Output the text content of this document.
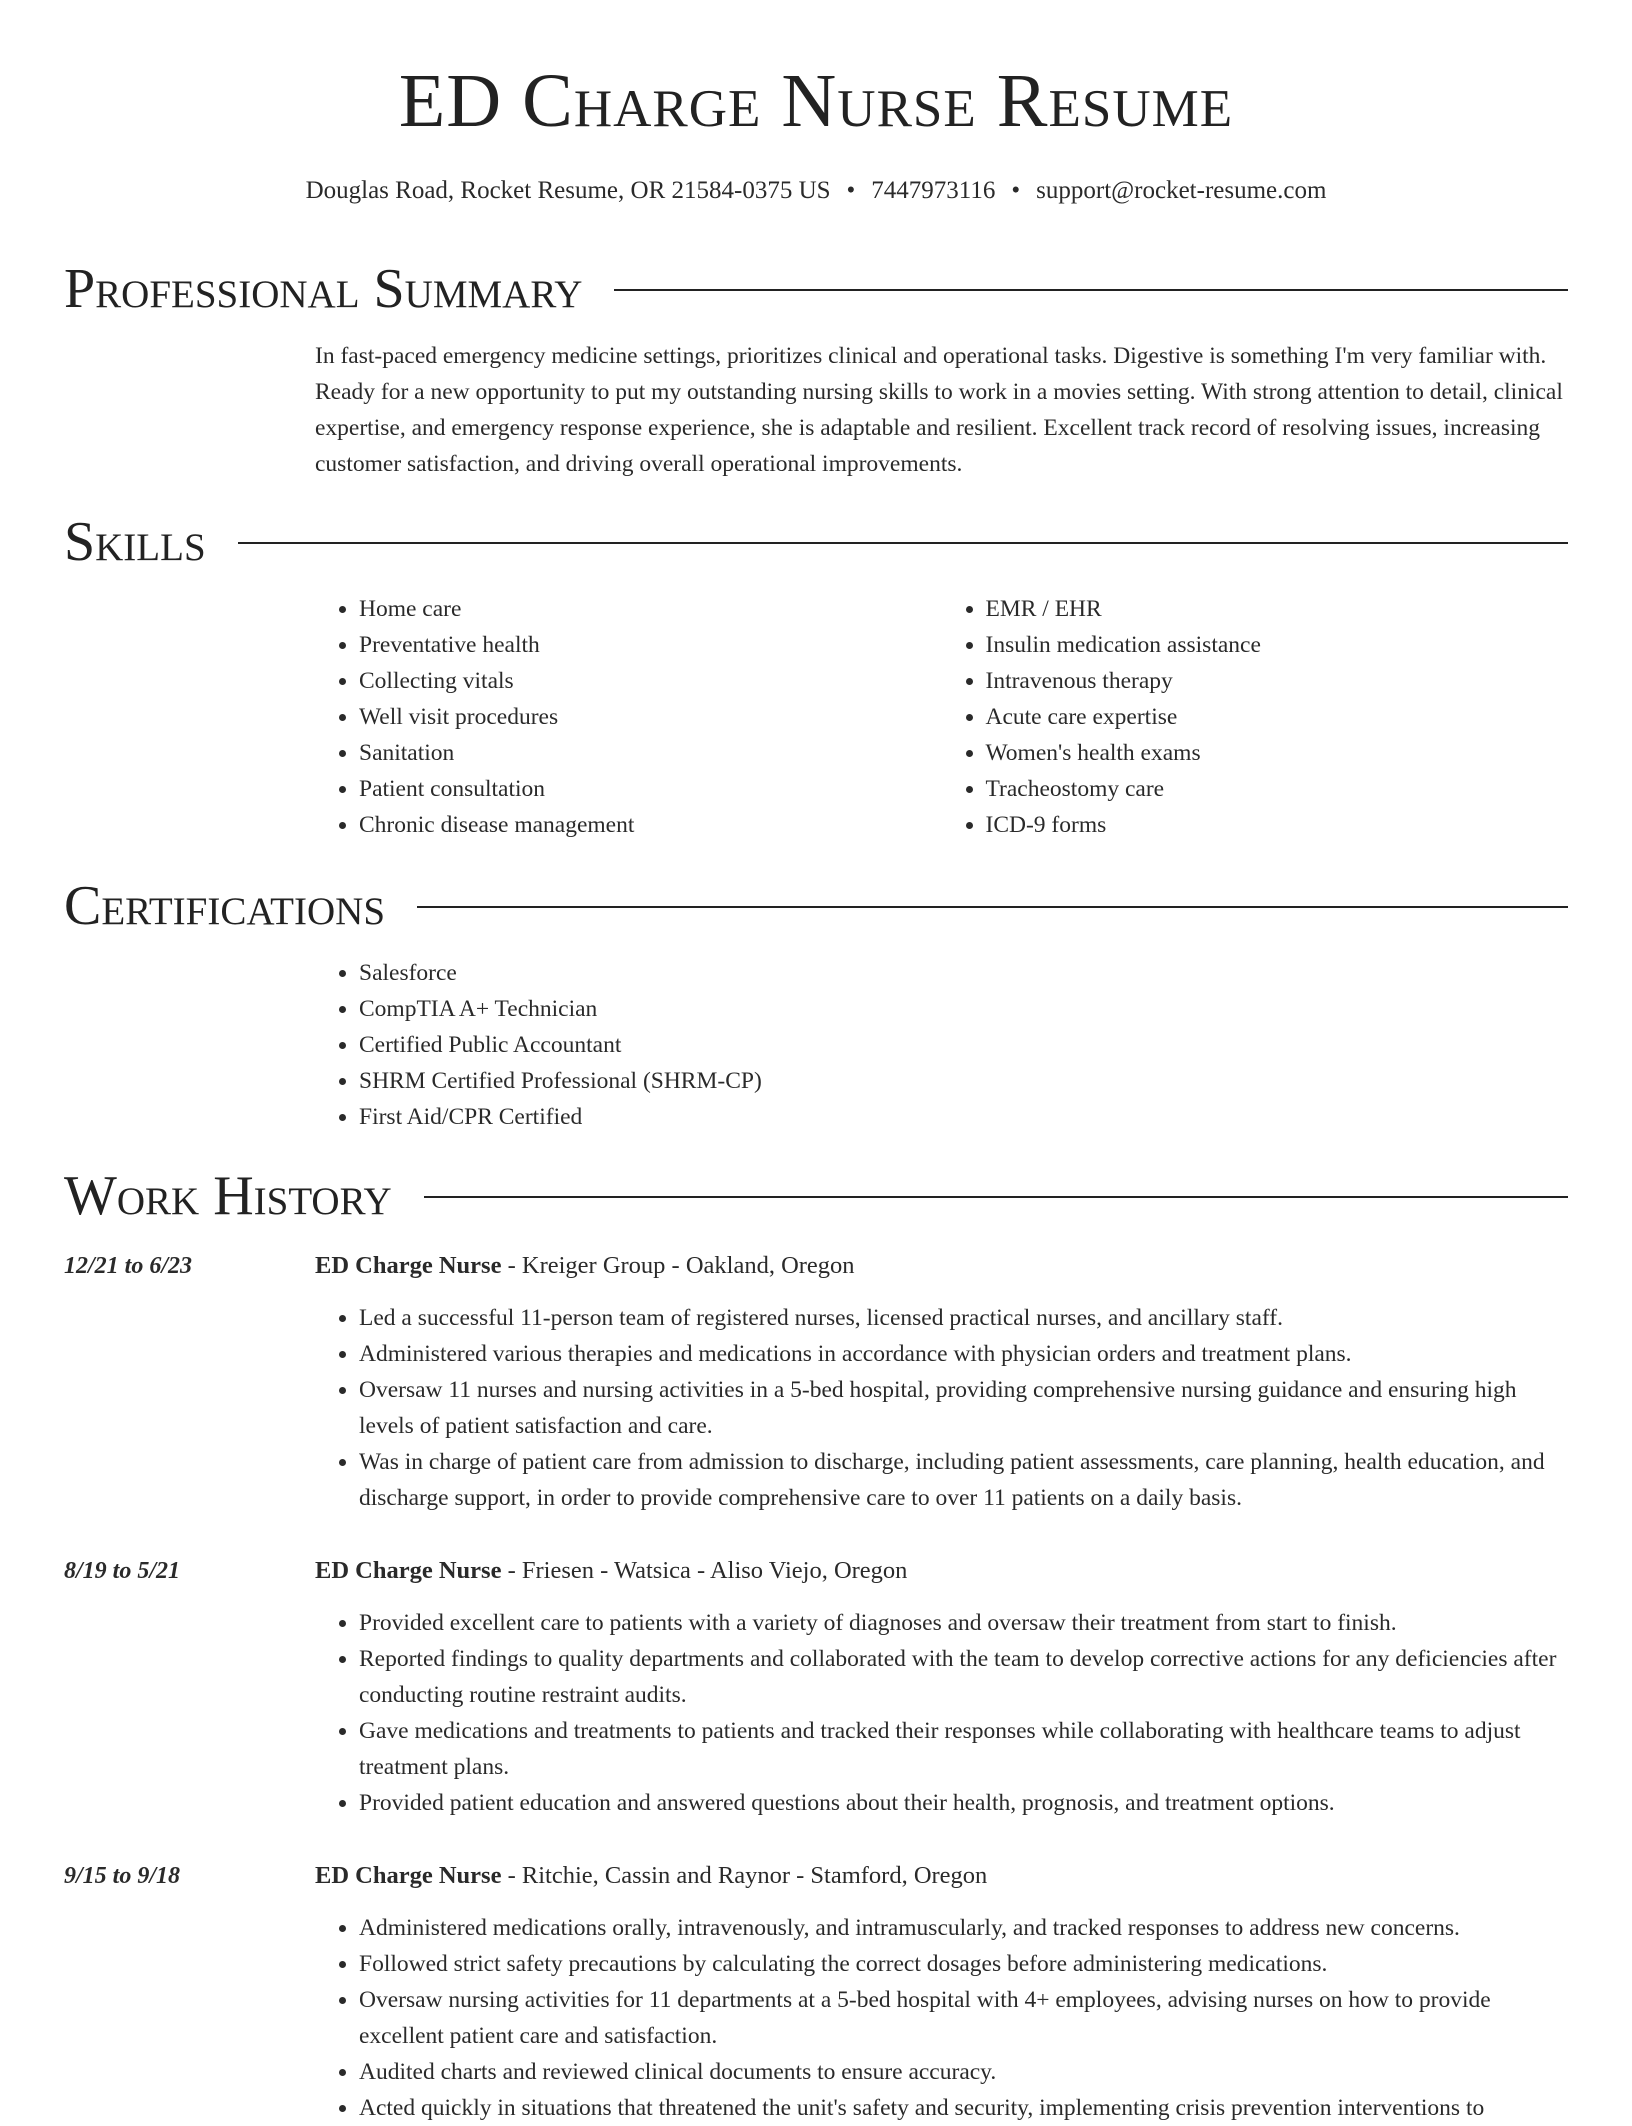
ED Charge Nurse Resume
Douglas Road, Rocket Resume, OR 21584-0375 US • 7447973116 • support@rocket-resume.com
Professional Summary

In fast-paced emergency medicine settings, prioritizes clinical and operational tasks. Digestive is something I'm very familiar with. Ready for a new opportunity to put my outstanding nursing skills to work in a movies setting. With strong attention to detail, clinical expertise, and emergency response experience, she is adaptable and resilient. Excellent track record of resolving issues, increasing customer satisfaction, and driving overall operational improvements.

Skills
• Home care
• Preventative health
• Collecting vitals
• Well visit procedures
• Sanitation
• Patient consultation
• Chronic disease management
• EMR / EHR
• Insulin medication assistance
• Intravenous therapy
• Acute care expertise
• Women's health exams
• Tracheostomy care
• ICD-9 forms
Certifications
• Salesforce
• CompTIA A+ Technician
• Certified Public Accountant
• SHRM Certified Professional (SHRM-CP)
• First Aid/CPR Certified
Work History
12/21 to 6/23	ED Charge Nurse - Kreiger Group - Oakland, Oregon
• Led a successful 11-person team of registered nurses, licensed practical nurses, and ancillary staff.
• Administered various therapies and medications in accordance with physician orders and treatment plans.
• Oversaw 11 nurses and nursing activities in a 5-bed hospital, providing comprehensive nursing guidance and ensuring high levels of patient satisfaction and care.
• Was in charge of patient care from admission to discharge, including patient assessments, care planning, health education, and discharge support, in order to provide comprehensive care to over 11 patients on a daily basis.
8/19 to 5/21	ED Charge Nurse - Friesen - Watsica - Aliso Viejo, Oregon
• Provided excellent care to patients with a variety of diagnoses and oversaw their treatment from start to finish.
• Reported findings to quality departments and collaborated with the team to develop corrective actions for any deficiencies after conducting routine restraint audits.
• Gave medications and treatments to patients and tracked their responses while collaborating with healthcare teams to adjust treatment plans.
• Provided patient education and answered questions about their health, prognosis, and treatment options.
9/15 to 9/18	ED Charge Nurse - Ritchie, Cassin and Raynor - Stamford, Oregon
• Administered medications orally, intravenously, and intramuscularly, and tracked responses to address new concerns.
• Followed strict safety precautions by calculating the correct dosages before administering medications.
• Oversaw nursing activities for 11 departments at a 5-bed hospital with 4+ employees, advising nurses on how to provide excellent patient care and satisfaction.
• Audited charts and reviewed clinical documents to ensure accuracy.
• Acted quickly in situations that threatened the unit's safety and security, implementing crisis prevention interventions to
